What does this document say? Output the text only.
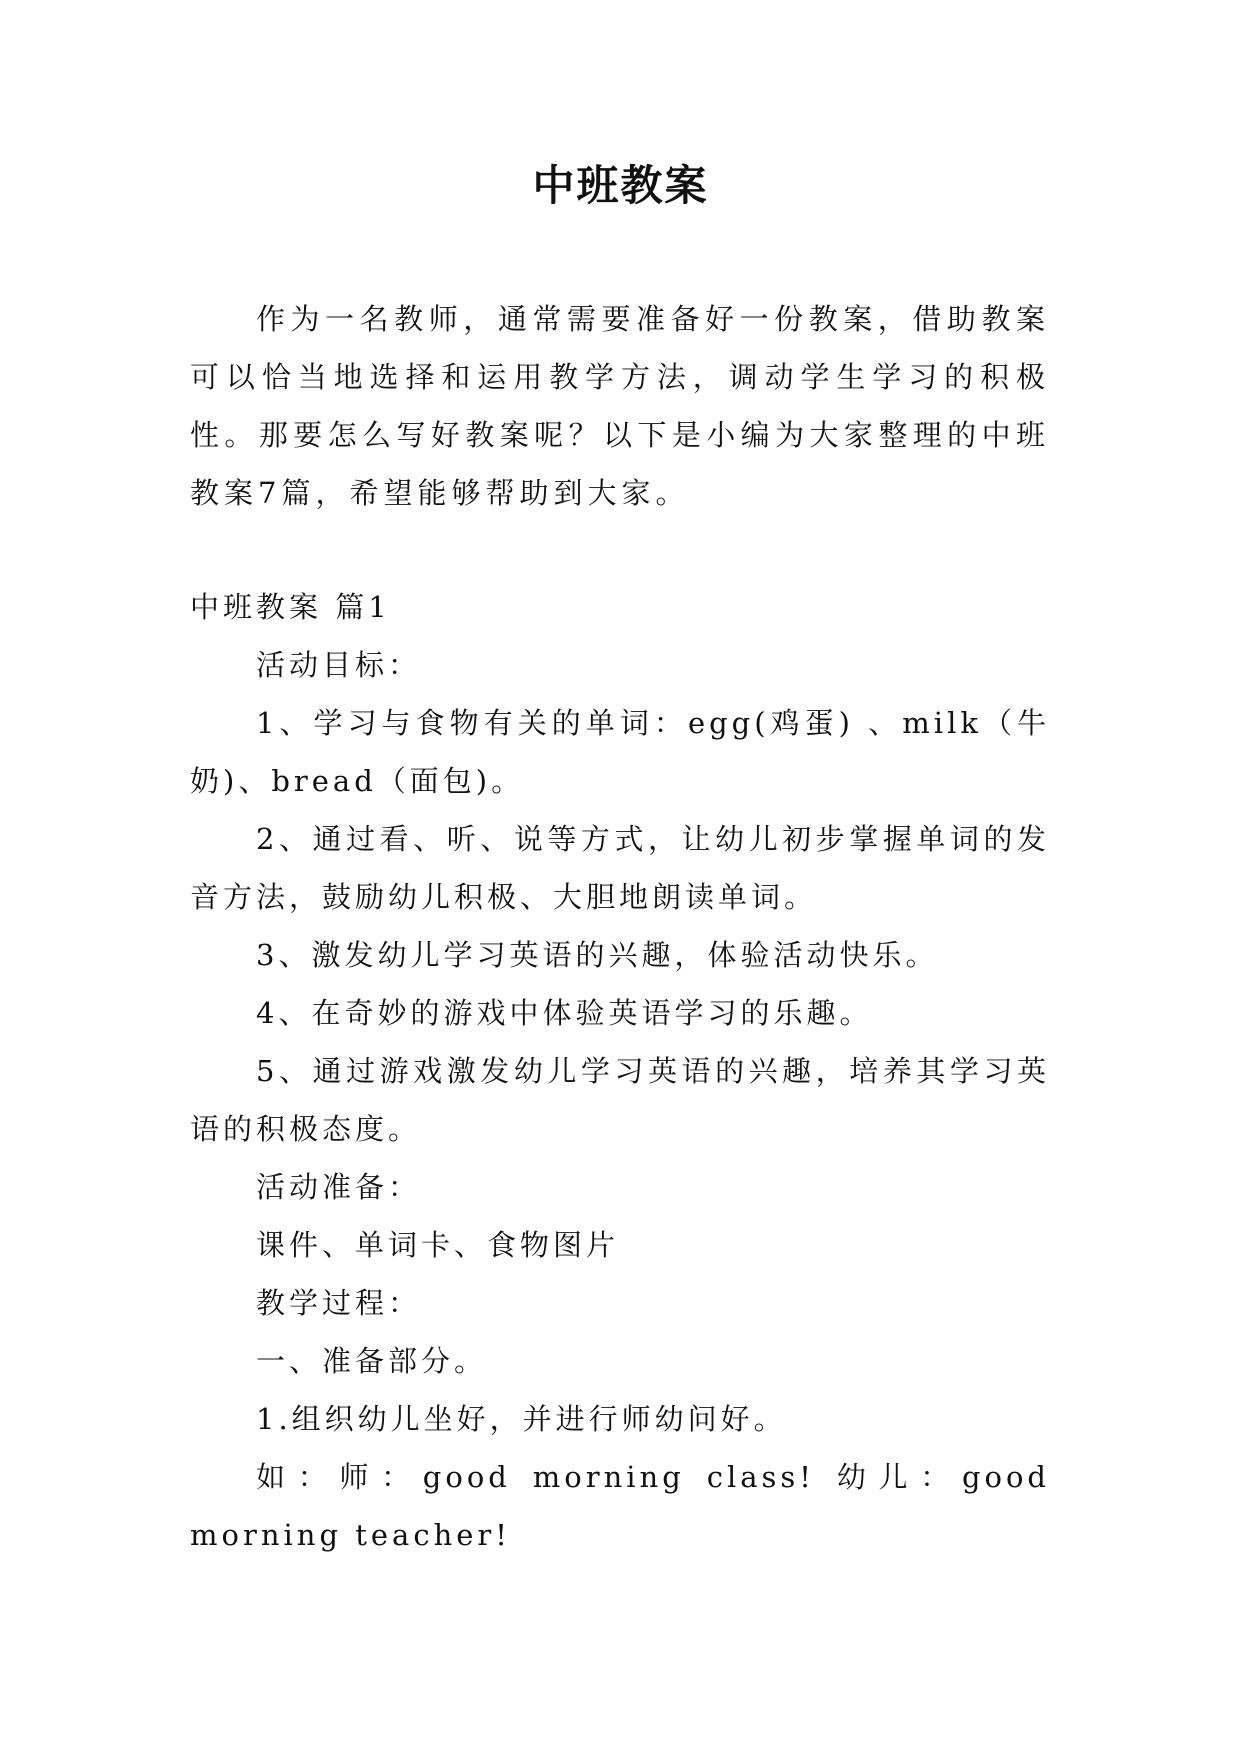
中班教案

作为一名教师，通常需要准备好一份教案，借助教案可以恰当地选择和运用教学方法，调动学生学习的积极性。那要怎么写好教案呢？以下是小编为大家整理的中班教案7篇，希望能够帮助到大家。

中班教案 篇1

活动目标：

1、学习与食物有关的单词：egg(鸡蛋) 、milk（牛奶)、bread（面包)。

2、通过看、听、说等方式，让幼儿初步掌握单词的发音方法，鼓励幼儿积极、大胆地朗读单词。

3、激发幼儿学习英语的兴趣，体验活动快乐。

4、在奇妙的游戏中体验英语学习的乐趣。

5、通过游戏激发幼儿学习英语的兴趣，培养其学习英语的积极态度。

活动准备：

课件、单词卡、食物图片

教学过程：

一、准备部分。

1.组织幼儿坐好，并进行师幼问好。

如：师：good morning class! 幼儿：good morning teacher!
